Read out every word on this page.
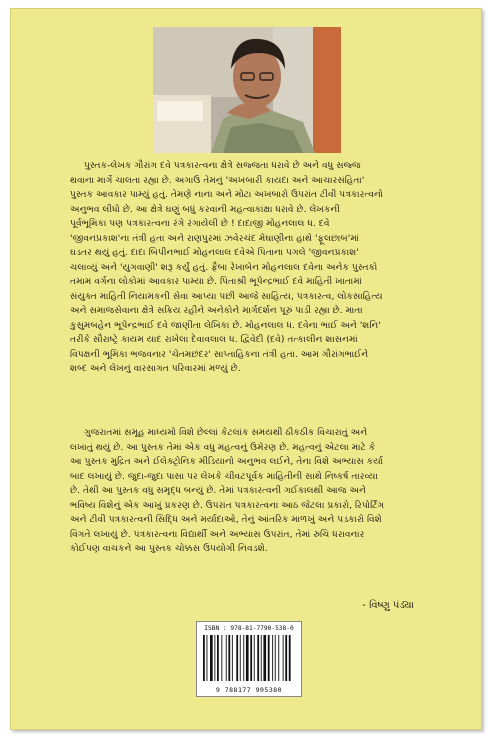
પુસ્તક-લેખક ગૌરાંગ દવે પત્રકારત્વના ક્ષેત્રે સજ્જતા ધરાવે છે અને વધુ સજ્જ
થવાના માર્ગે ચાલતા રહ્યા છે. અગાઉ તેમનું 'અખબારી કાયદા અને આચારસંહિતા'
પુસ્તક આવકાર પામ્યું હતું. તેમણે નાના અને મોટા અખબારો ઉપરાંત ટીવી પત્રકારત્વનો
અનુભવ લીધો છે. આ ક્ષેત્રે ઘણું બધું કરવાની મહત્વાકાંક્ષા ધરાવે છે. લેખકની
પૂર્વભૂમિકા પણ પત્રકારત્વના રંગે રંગાયેલી છે ! દાદાજી મોહનલાલ ધ. દવે
'જીવનપ્રકાશ'ના તંત્રી હતા અને રાણપુરમાં ઝવેરચંદ મેઘાણીના હાથે 'ફૂલછાબ'માં
ઘડતર થયું હતું. દાદા બિપીનભાઈ મોહનલાલ દવેએ પિતાના પગલે 'જીવનપ્રકાશ'
ચલાવ્યું અને 'યુગવાણી' શરૂ કર્યું હતું. ફૈબા રેખાબેન મોહનલાલ દવેના અનેક પુસ્તકો
તમામ વર્ગના લોકોમાં આવકાર પામ્યા છે. પિતાશ્રી ભૂપેન્દ્રભાઈ દવે માહિતી ખાતામાં
સંયુક્ત માહિતી નિયામકની સેવા આપ્યા પછી આજે સાહિત્ય, પત્રકારત્વ, લોકસાહિત્ય
અને સમાજસેવાના ક્ષેત્રે સક્રિય રહીને અનેકોને માર્ગદર્શન પૂરું પાડી રહ્યા છે. માતા
કુસુમબહેન ભૂપેન્દ્રભાઈ દવે જાણીતા લેખિકા છે. મોહનલાલ ધ. દવેના ભાઈ અને 'શનિ'
તરીકે સૌરાષ્ટ્રે કાયમ યાદ રાખેલા દેવાવલાલ ધ. દ્વિવેદી (દવે) તત્કાલીન શાસનમાં
વિપક્ષની ભૂમિકા ભજવનાર 'ચેતમછંદર' સાપ્તાહિકના તંત્રી હતા. આમ ગૌરાંગભાઈને
શબ્દ અને લેખનું વારસાગત પરિવારમાં મળ્યું છે.
ગુજરાતમાં સમૂહ માધ્યમો વિશે છેલ્લાં કેટલાંક સમયથી ઠીકઠીક વિચારાતું અને
લખાતું થયું છે. આ પુસ્તક તેમાં એક વધુ મહત્વનું ઉમેરણ છે. મહત્વનું એટલા માટે કે
આ પુસ્તક મુદ્રિત અને ઈલેક્ટ્રોનિક મીડિયાનો અનુભવ લઈને, તેના વિશે અભ્યાસ કર્યા
બાદ લખાયું છે. જુદા-જુદા પાસા પર લેખકે ચીવટપૂર્વક માહિતીની સાથે નિષ્કર્ષ તારવ્યા
છે. તેથી આ પુસ્તક વધુ સમૃદ્ધ બન્યું છે. તેમાં પત્રકારત્વની ગઈકાલથી આજ અને
ભવિષ્ય વિશેનું એક આખું પ્રકરણ છે. ઉપરાંત પત્રકારત્વના આઠ જેટલા પ્રકારો, રિપોર્ટિંગ
અને ટીવી પત્રકારત્વની સિદ્ધિ અને મર્યાદાઓ, તેનું આંતરિક માળખું અને પડકારો વિશે
વિગતે લખાયું છે. પત્રકારત્વના વિદ્યાર્થી અને અભ્યાસ ઉપરાંત, તેમાં રુચિ ધરાવનાર
કોઈપણ વાચકને આ પુસ્તક ચોક્કસ ઉપયોગી નિવડશે.
- વિષ્ણુ પંડ્યા
ISBN : 978-81-7790-538-0
9 788177 905380
